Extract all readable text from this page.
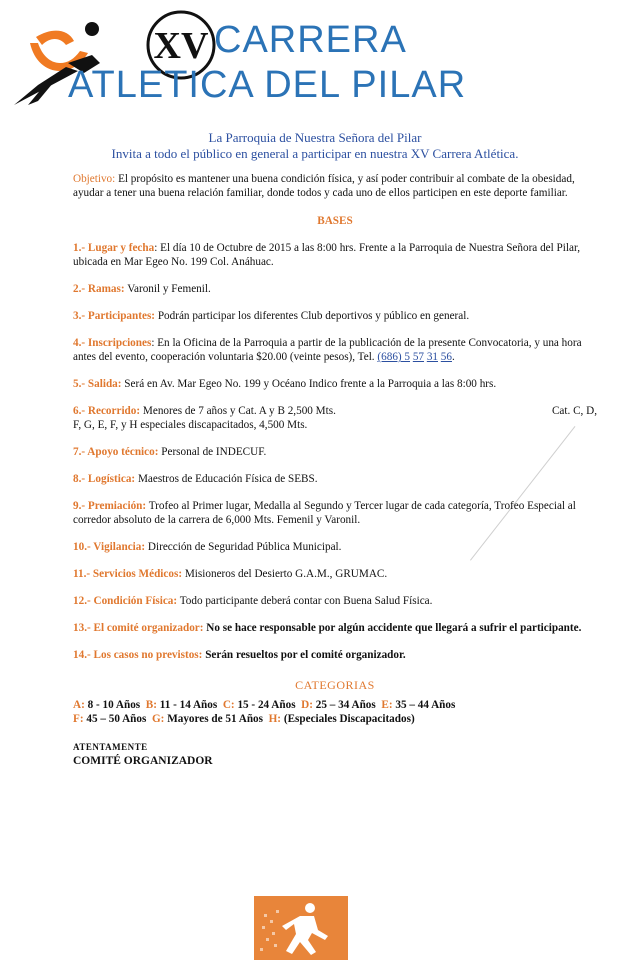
XV CARRERA
ATLETICA DEL PILAR
La Parroquia de Nuestra Señora del Pilar
Invita a todo el público en general a participar en nuestra XV Carrera Atlética.

Objetivo: El propósito es mantener una buena condición física, y así poder contribuir al combate de la obesidad, ayudar a tener una buena relación familiar, donde todos y cada uno de ellos participen en este deporte familiar.

BASES

1.- Lugar y fecha: El día 10 de Octubre de 2015 a las 8:00 hrs. Frente a la Parroquia de Nuestra Señora del Pilar, ubicada en Mar Egeo No. 199 Col. Anáhuac.

2.- Ramas: Varonil y Femenil.

3.- Participantes: Podrán participar los diferentes Club deportivos y público en general.

4.- Inscripciones: En la Oficina de la Parroquia a partir de la publicación de la presente Convocatoria, y una hora antes del evento, cooperación voluntaria $20.00 (veinte pesos), Tel. (686) 5 57 31 56.

5.- Salida: Será en Av. Mar Egeo No. 199 y Océano Indico frente a la Parroquia a las 8:00 hrs.

Cat. C, D,
6.- Recorrido: Menores de 7 años y Cat. A y B 2,500 Mts.
F, G, E, F, y H especiales discapacitados, 4,500 Mts.

7.- Apoyo técnico: Personal de INDECUF.

8.- Logística: Maestros de Educación Física de SEBS.

9.- Premiación: Trofeo al Primer lugar, Medalla al Segundo y Tercer lugar de cada categoría, Trofeo Especial al corredor absoluto de la carrera de 6,000 Mts. Femenil y Varonil.

10.- Vigilancia: Dirección de Seguridad Pública Municipal.

11.- Servicios Médicos: Misioneros del Desierto G.A.M., GRUMAC.

12.- Condición Física: Todo participante deberá contar con Buena Salud Física.

13.- El comité organizador: No se hace responsable por algún accidente que llegará a sufrir el participante.

14.- Los casos no previstos: Serán resueltos por el comité organizador.

CATEGORIAS

A: 8 - 10 Años B: 11 - 14 Años C: 15 - 24 Años D: 25 – 34 Años E: 35 – 44 Años

F: 45 – 50 Años G: Mayores de 51 Años H: (Especiales Discapacitados)

ATENTAMENTE
COMITÉ ORGANIZADOR
